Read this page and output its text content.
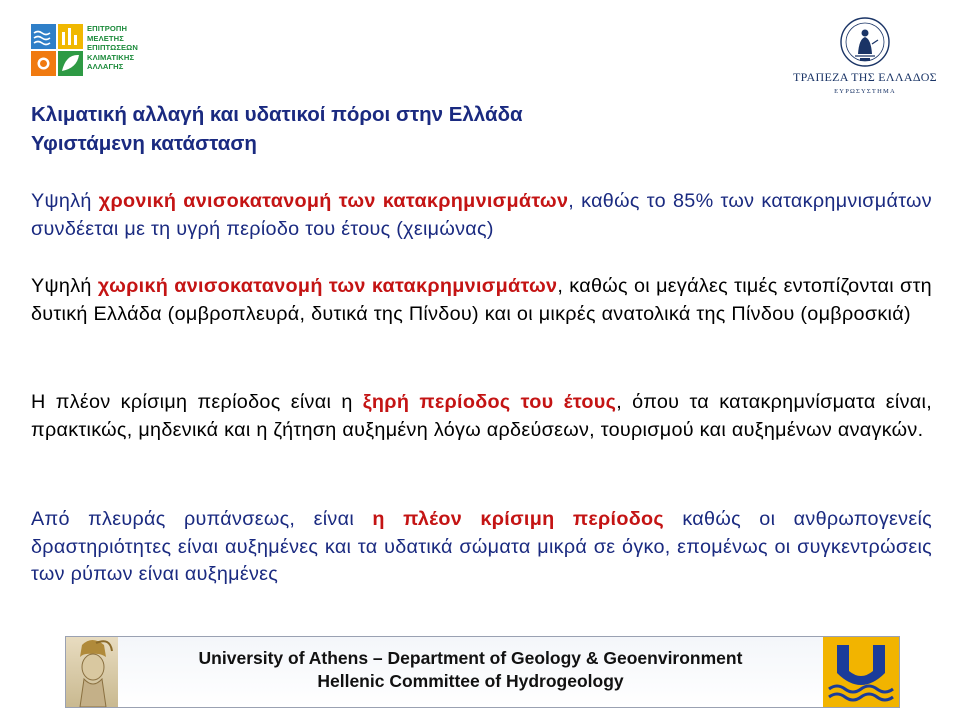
ΕΠΙΤΡΟΠΗ
ΜΕΛΕΤΗΣ
ΕΠΙΠΤΩΣΕΩΝ
ΚΛΙΜΑΤΙΚΗΣ
ΑΛΛΑΓΗΣ
ΤΡΑΠΕΖΑ ΤΗΣ ΕΛΛΑΔΟΣ
ΕΥΡΩΣΥΣΤΗΜΑ
Κλιματική αλλαγή και υδατικοί πόροι στην Ελλάδα
Υφιστάμενη κατάσταση
Υψηλή χρονική ανισοκατανομή των κατακρημνισμάτων, καθώς το 85% των κατακρημνισμάτων συνδέεται με τη υγρή περίοδο του έτους (χειμώνας)
Υψηλή χωρική ανισοκατανομή των κατακρημνισμάτων, καθώς οι μεγάλες τιμές εντοπίζονται στη δυτική Ελλάδα (ομβροπλευρά, δυτικά της Πίνδου) και οι μικρές ανατολικά της Πίνδου (ομβροσκιά)
Η πλέον κρίσιμη περίοδος είναι η ξηρή περίοδος του έτους, όπου τα κατακρημνίσματα είναι, πρακτικώς, μηδενικά και η ζήτηση αυξημένη λόγω αρδεύσεων, τουρισμού και αυξημένων αναγκών.
Από πλευράς ρυπάνσεως, είναι η πλέον κρίσιμη περίοδος καθώς οι ανθρωπογενείς δραστηριότητες είναι αυξημένες και τα υδατικά σώματα μικρά σε όγκο, επομένως οι συγκεντρώσεις των ρύπων είναι αυξημένες
University of Athens – Department of Geology & Geoenvironment
Hellenic Committee of Hydrogeology
